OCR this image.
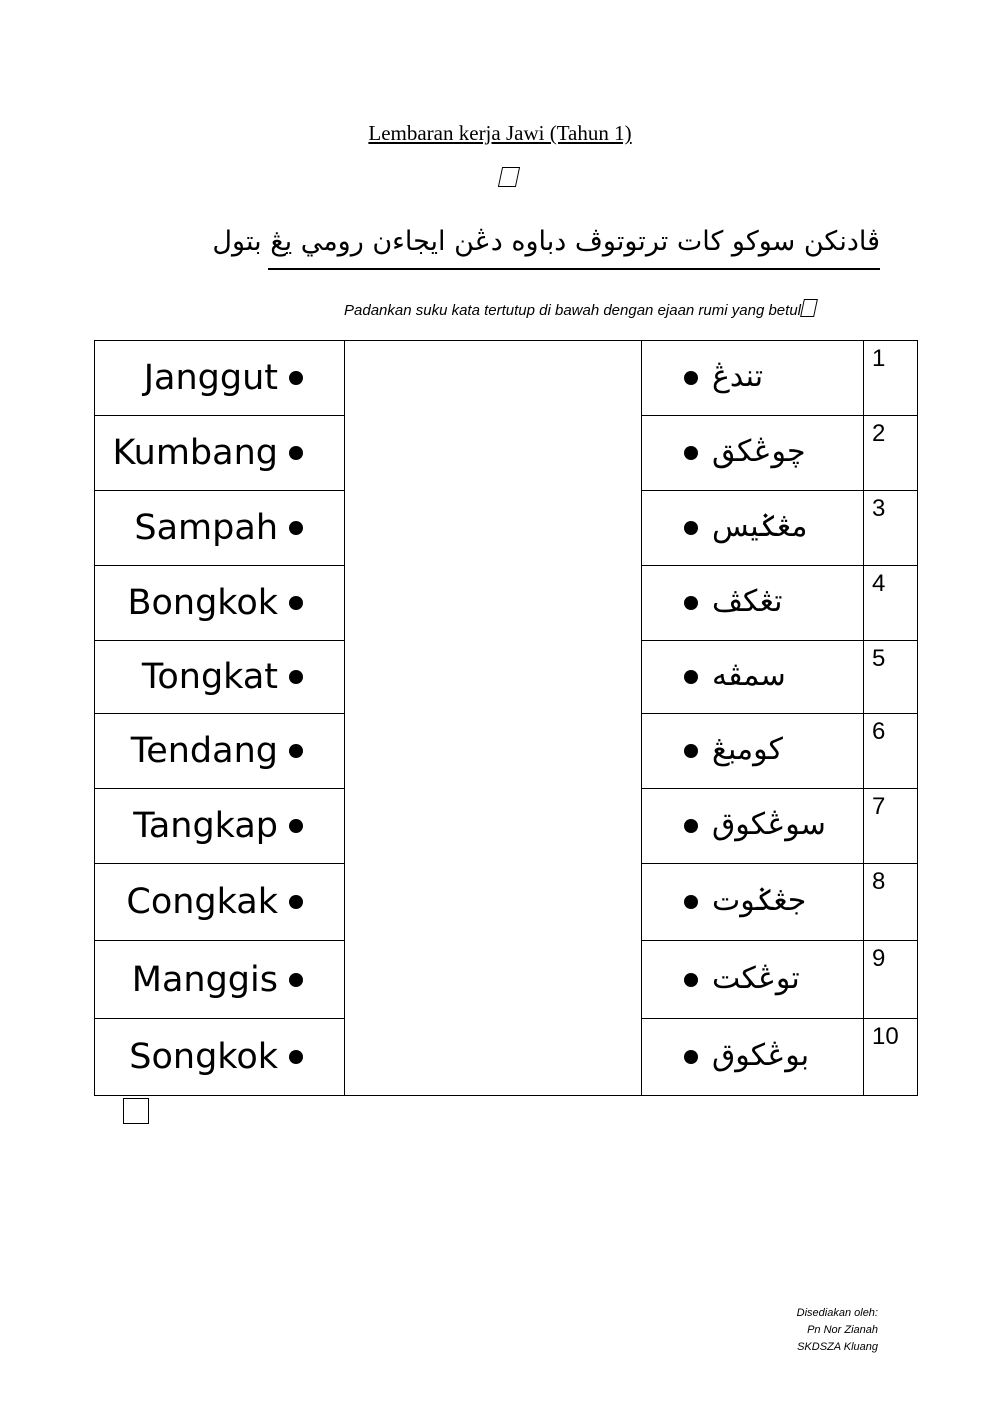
Lembaran kerja Jawi (Tahun 1)
ڤادنكن سوكو كات ترتوتوڤ دباوه دڠن ايجاءن رومي يڠ بتول
Padankan suku kata tertutup di bawah dengan ejaan rumi yang betul
Janggut		تندڠ	1
Kumbang		چوڠكق	2
Sampah		مڠݢيس	3
Bongkok		تڠكڤ	4
Tongkat		سمڤه	5
Tendang		كومبڠ	6
Tangkap		سوڠكوق	7
Congkak		جڠݢوت	8
Manggis		توڠكت	9
Songkok		بوڠكوق	10
Disediakan oleh:
Pn Nor Zianah
SKDSZA Kluang
